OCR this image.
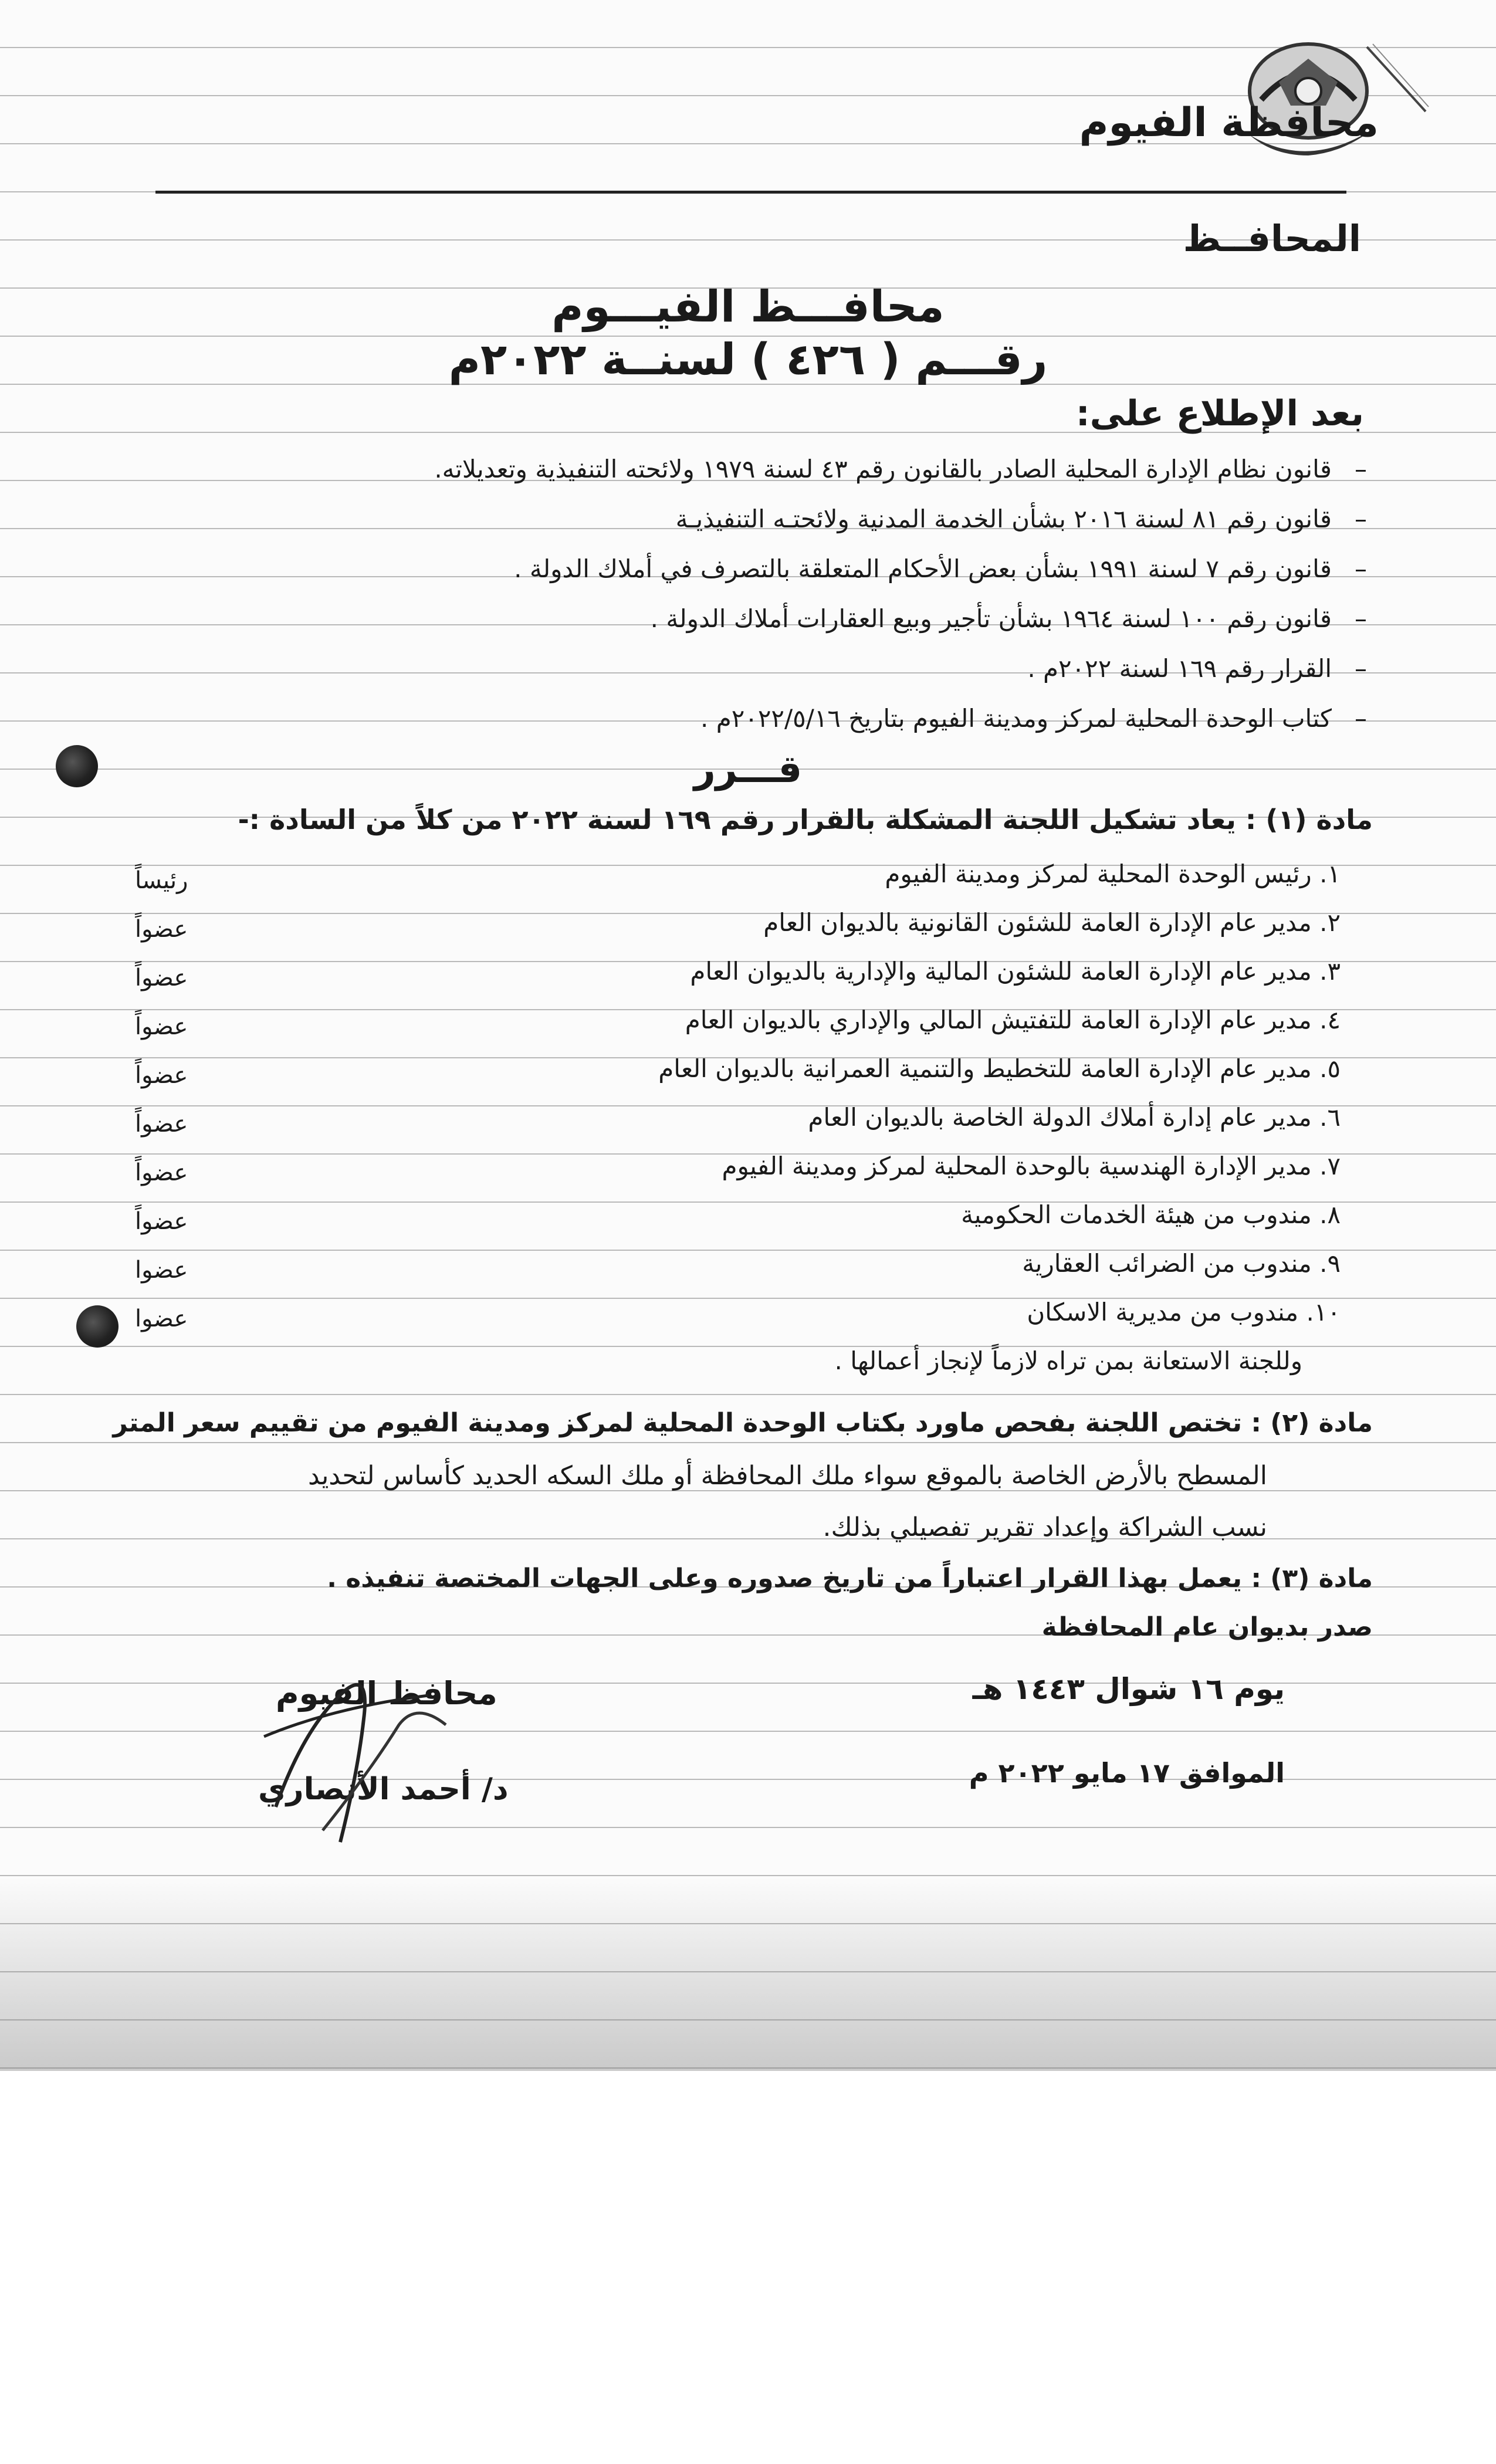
محافظة الفيوم
المحافــظ
محافـــظ الفيـــوم
رقـــم ( ٤٢٦ ) لسنــة ٢٠٢٢م
بعد الإطلاع على:
–قانون نظام الإدارة المحلية الصادر بالقانون رقم ٤٣ لسنة ١٩٧٩ ولائحته التنفيذية وتعديلاته.
–قانون رقم ٨١ لسنة ٢٠١٦ بشأن الخدمة المدنية ولائحتـه التنفيذيـة
–قانون رقم ٧ لسنة ١٩٩١ بشأن بعض الأحكام المتعلقة بالتصرف في أملاك الدولة .
–قانون رقم ١٠٠ لسنة ١٩٦٤ بشأن تأجير وبيع العقارات أملاك الدولة .
–القرار رقم ١٦٩ لسنة ٢٠٢٢م .
–كتاب الوحدة المحلية لمركز ومدينة الفيوم بتاريخ ٢٠٢٢/٥/١٦م .
قـــرر
مادة (١) : يعاد تشكيل اللجنة المشكلة بالقرار رقم ١٦٩ لسنة ٢٠٢٢ من كلاً من السادة :-
١. رئيس الوحدة المحلية لمركز ومدينة الفيوم
رئيساً
٢. مدير عام الإدارة العامة للشئون القانونية بالديوان العام
عضواً
٣. مدير عام الإدارة العامة للشئون المالية والإدارية بالديوان العام
عضواً
٤. مدير عام الإدارة العامة للتفتيش المالي والإداري بالديوان العام
عضواً
٥. مدير عام الإدارة العامة للتخطيط والتنمية العمرانية بالديوان العام
عضواً
٦. مدير عام إدارة أملاك الدولة الخاصة بالديوان العام
عضواً
٧. مدير الإدارة الهندسية بالوحدة المحلية لمركز ومدينة الفيوم
عضواً
٨. مندوب من هيئة الخدمات الحكومية
عضواً
٩. مندوب من الضرائب العقارية
عضوا
١٠. مندوب من مديرية الاسكان
عضوا
وللجنة الاستعانة بمن تراه لازماً لإنجاز أعمالها .
مادة (٢) : تختص اللجنة بفحص ماورد بكتاب الوحدة المحلية لمركز ومدينة الفيوم من تقييم سعر المتر
المسطح بالأرض الخاصة بالموقع سواء ملك المحافظة أو ملك السكه الحديد كأساس لتحديد
نسب الشراكة وإعداد تقرير تفصيلي بذلك.
مادة (٣) : يعمل بهذا القرار اعتباراً من تاريخ صدوره وعلى الجهات المختصة تنفيذه .
صدر بديوان عام المحافظة
يوم ١٦ شوال ١٤٤٣ هـ
الموافق ١٧ مايو ٢٠٢٢ م
محافظ الفيوم
د/ أحمد الأنصاري
